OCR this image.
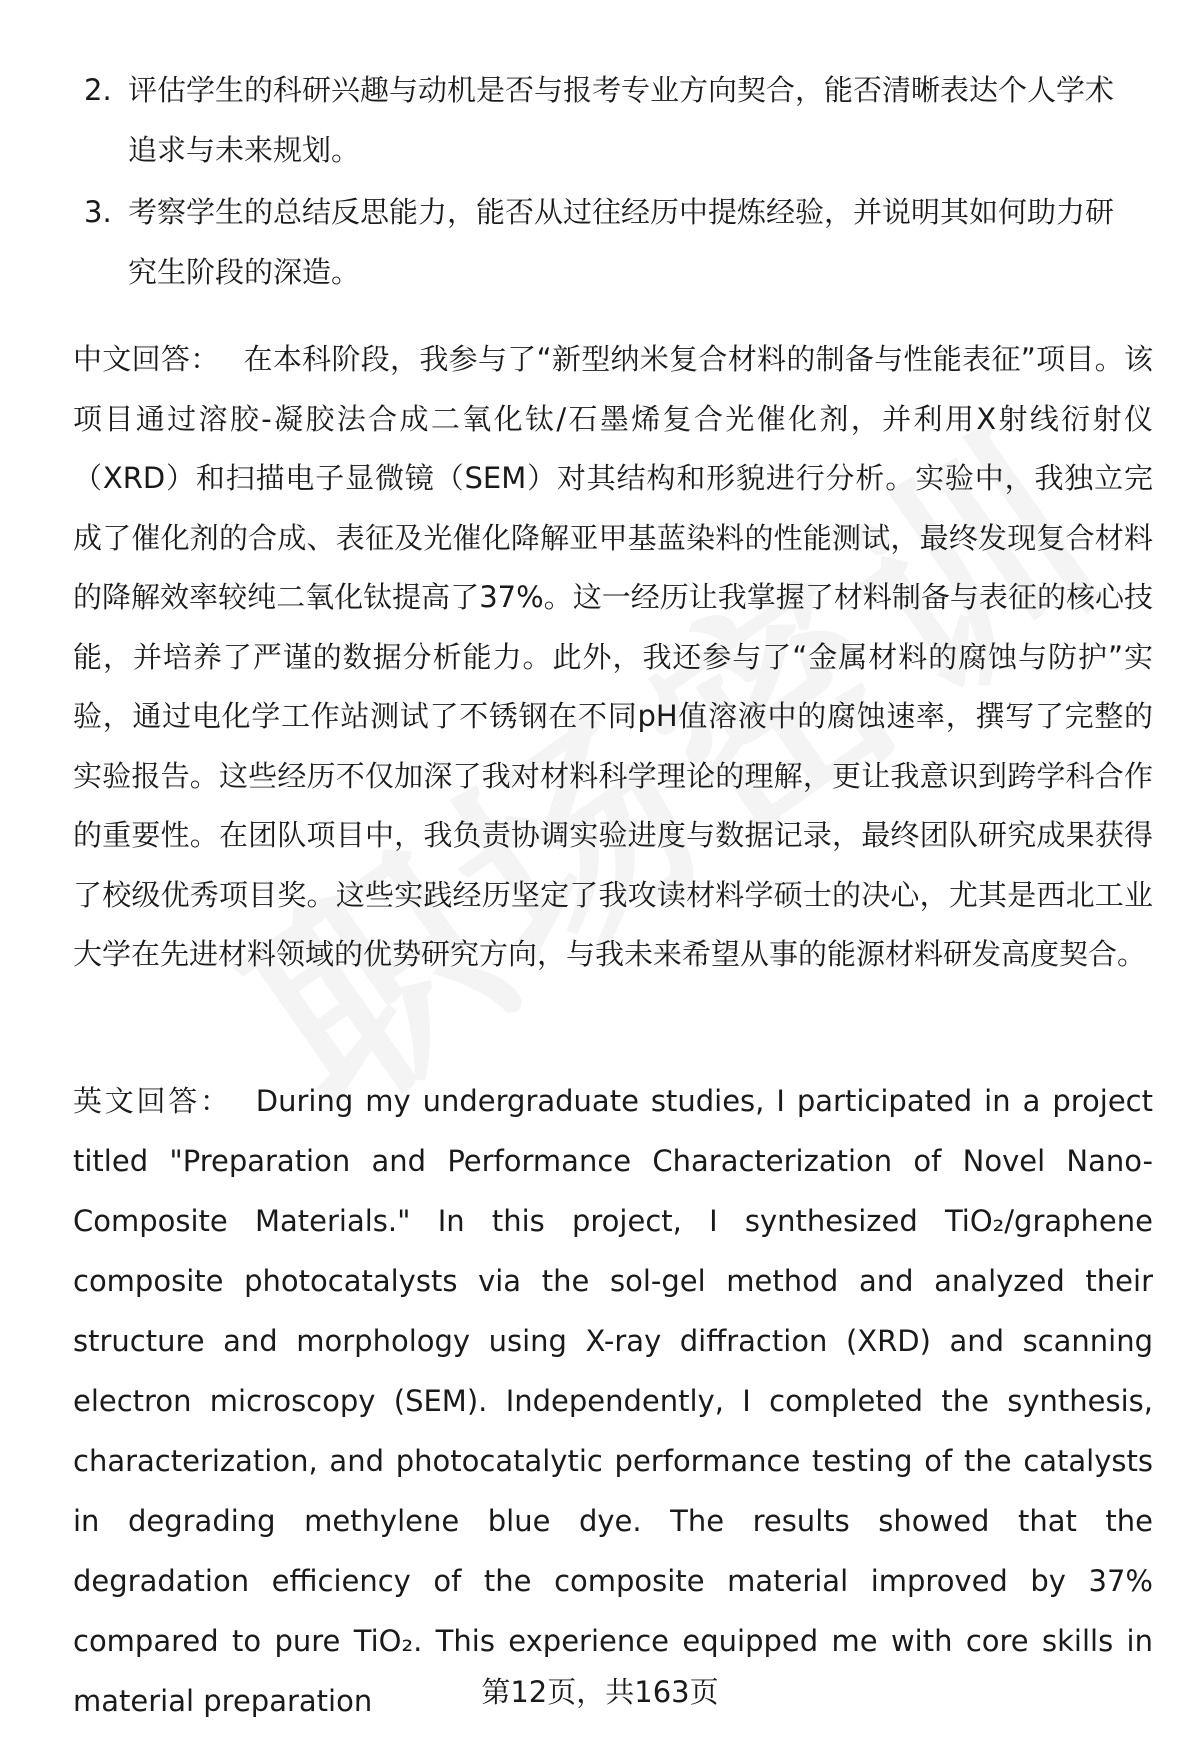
2. 评估学生的科研兴趣与动机是否与报考专业方向契合，能否清晰表达个人学术追求与未来规划。
3. 考察学生的总结反思能力，能否从过往经历中提炼经验，并说明其如何助力研究生阶段的深造。
中文回答： 在本科阶段，我参与了“新型纳米复合材料的制备与性能表征”项目。该项目通过溶胶-凝胶法合成二氧化钛/石墨烯复合光催化剂，并利用X射线衍射仪（XRD）和扫描电子显微镜（SEM）对其结构和形貌进行分析。实验中，我独立完成了催化剂的合成、表征及光催化降解亚甲基蓝染料的性能测试，最终发现复合材料的降解效率较纯二氧化钛提高了37%。这一经历让我掌握了材料制备与表征的核心技能，并培养了严谨的数据分析能力。此外，我还参与了“金属材料的腐蚀与防护”实验，通过电化学工作站测试了不锈钢在不同pH值溶液中的腐蚀速率，撰写了完整的实验报告。这些经历不仅加深了我对材料科学理论的理解，更让我意识到跨学科合作的重要性。在团队项目中，我负责协调实验进度与数据记录，最终团队研究成果获得了校级优秀项目奖。这些实践经历坚定了我攻读材料学硕士的决心，尤其是西北工业大学在先进材料领域的优势研究方向，与我未来希望从事的能源材料研发高度契合。
英文回答： During my undergraduate studies, I participated in a project titled "Preparation and Performance Characterization of Novel Nano-Composite Materials." In this project, I synthesized TiO₂/graphene composite photocatalysts via the sol-gel method and analyzed their structure and morphology using X-ray diffraction (XRD) and scanning electron microscopy (SEM). Independently, I completed the synthesis, characterization, and photocatalytic performance testing of the catalysts in degrading methylene blue dye. The results showed that the degradation efficiency of the composite material improved by 37% compared to pure TiO₂. This experience equipped me with core skills in material preparation	第12页，共163页
